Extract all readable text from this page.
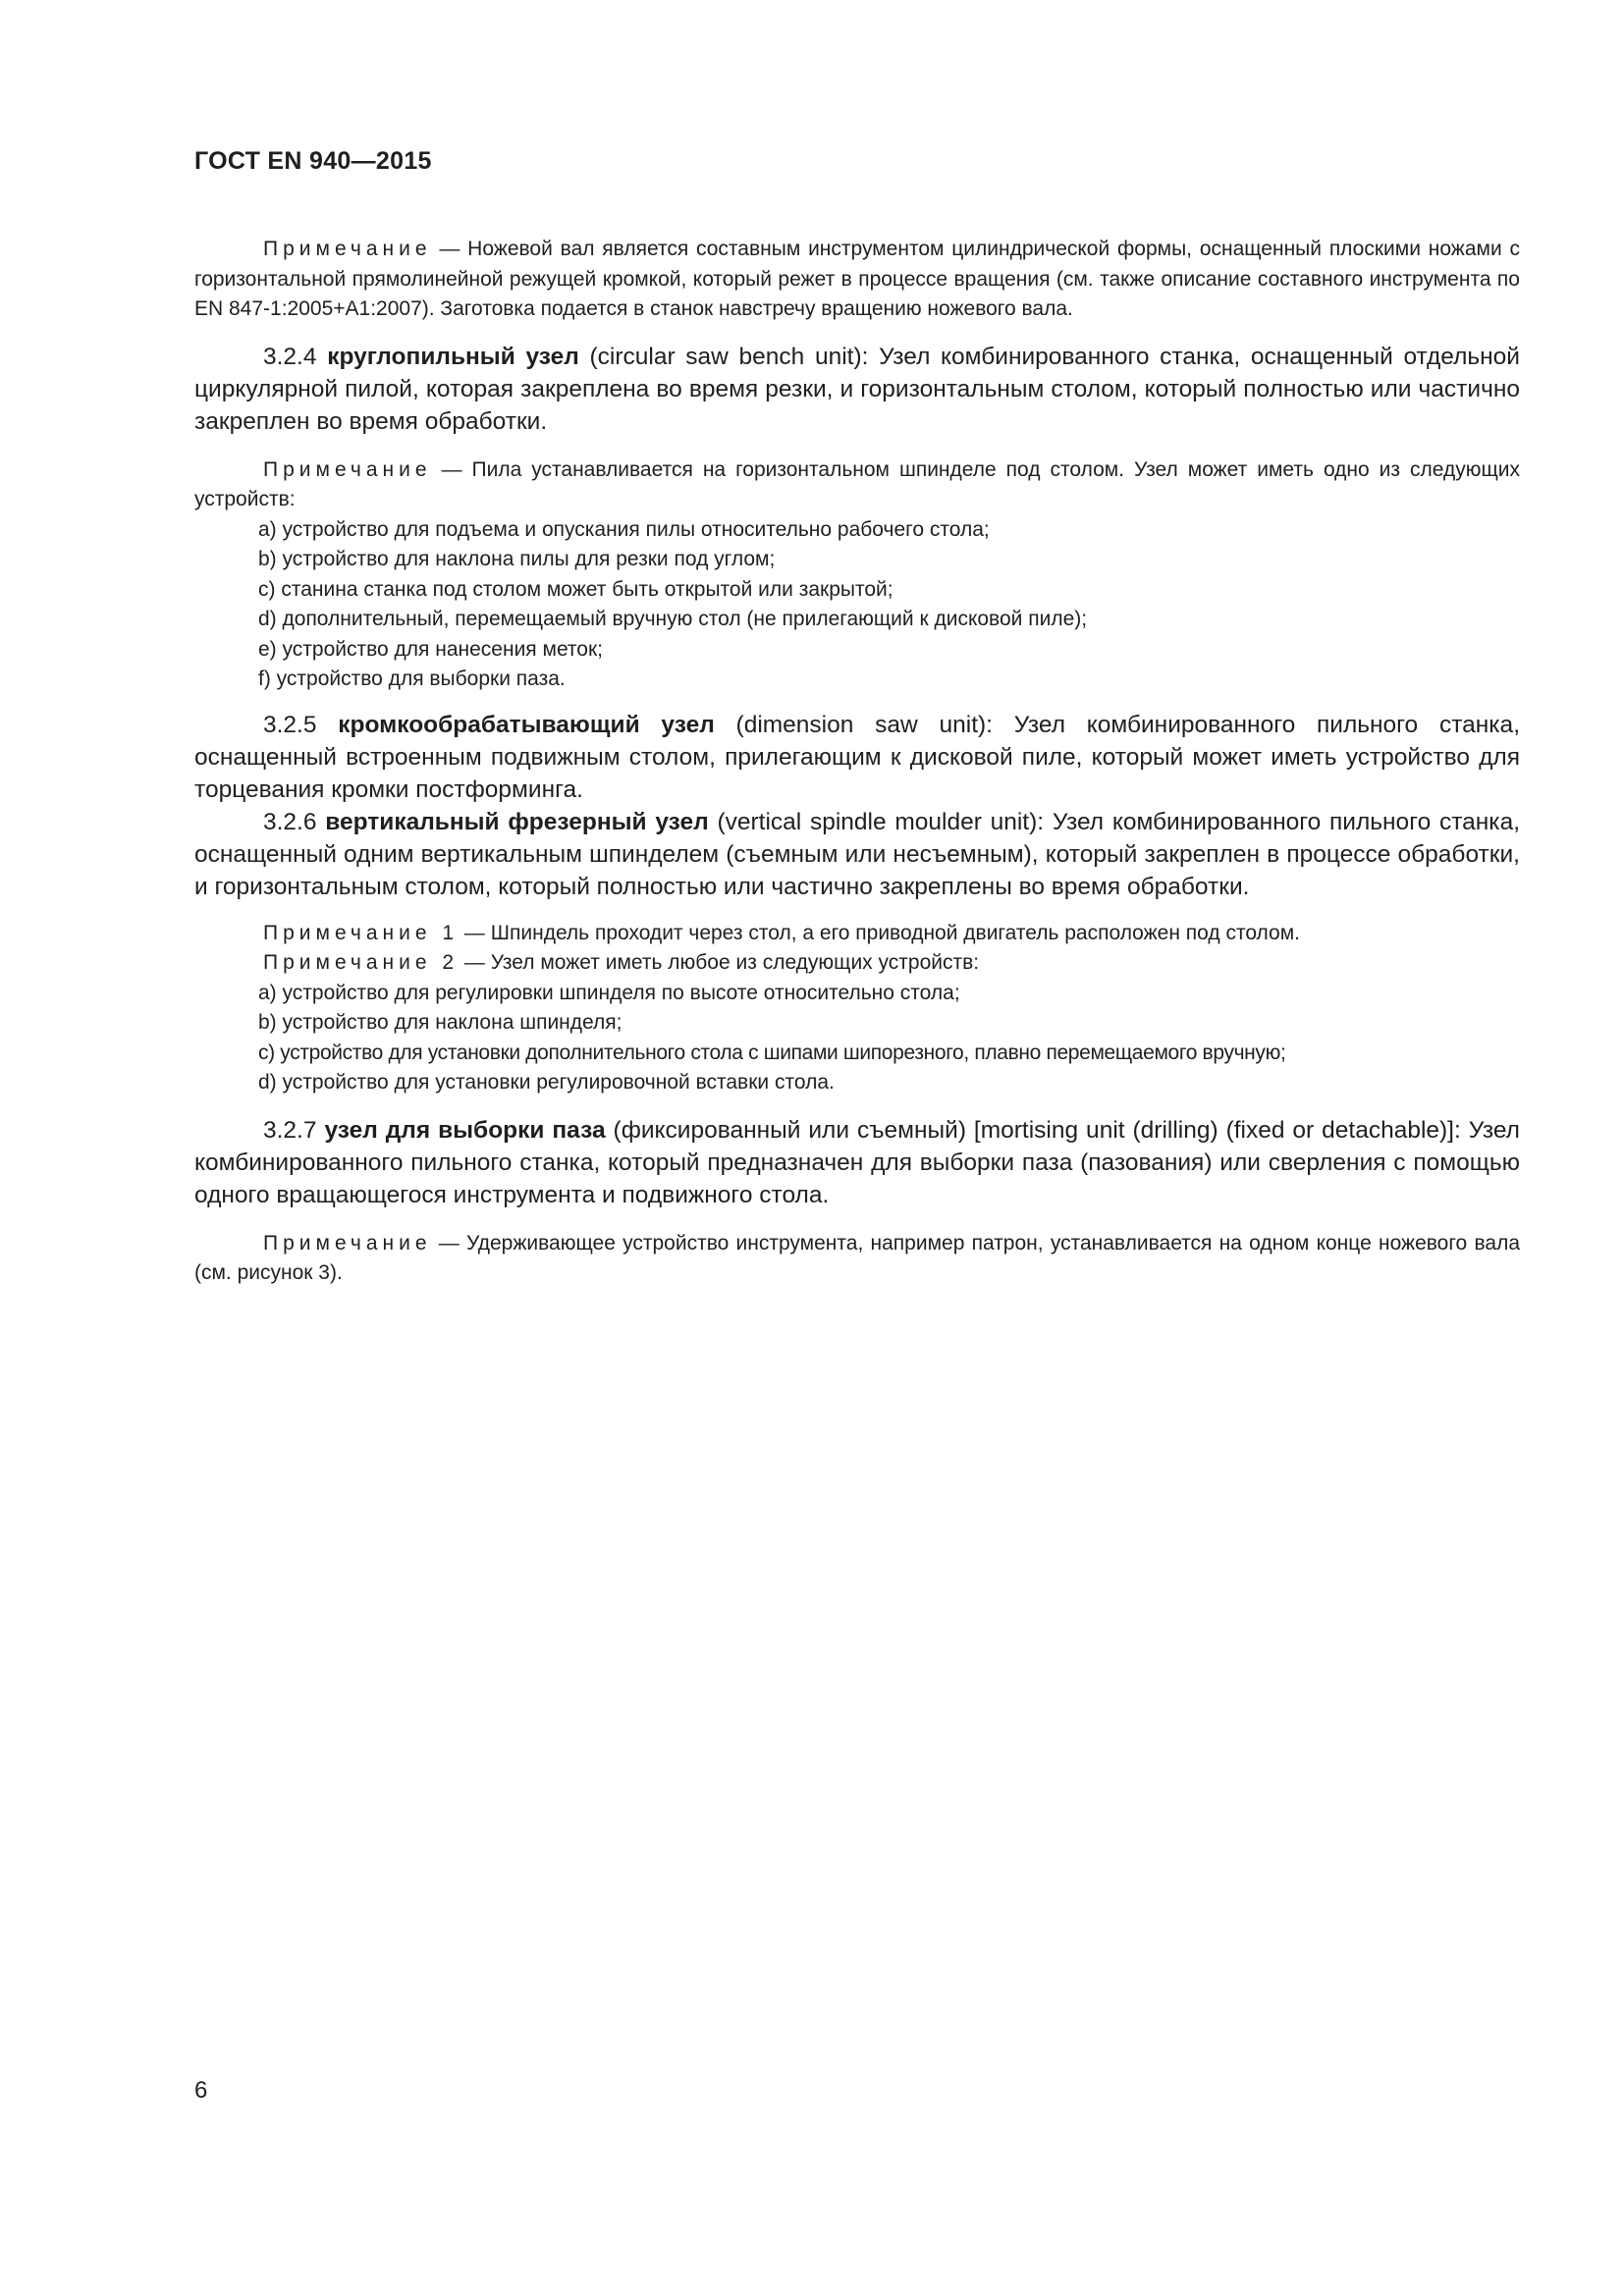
ГОСТ EN 940—2015

Примечание — Ножевой вал является составным инструментом цилиндрической формы, оснащенный плоскими ножами с горизонтальной прямолинейной режущей кромкой, который режет в процессе вращения (см. также описание составного инструмента по EN 847-1:2005+А1:2007). Заготовка подается в станок навстречу вращению ножевого вала.

3.2.4 круглопильный узел (circular saw bench unit): Узел комбинированного станка, оснащенный отдельной циркулярной пилой, которая закреплена во время резки, и горизонтальным столом, который полностью или частично закреплен во время обработки.

Примечание — Пила устанавливается на горизонтальном шпинделе под столом. Узел может иметь одно из следующих устройств:

a) устройство для подъема и опускания пилы относительно рабочего стола;

b) устройство для наклона пилы для резки под углом;

c) станина станка под столом может быть открытой или закрытой;

d) дополнительный, перемещаемый вручную стол (не прилегающий к дисковой пиле);

e) устройство для нанесения меток;

f) устройство для выборки паза.

3.2.5 кромкообрабатывающий узел (dimension saw unit): Узел комбинированного пильного станка, оснащенный встроенным подвижным столом, прилегающим к дисковой пиле, который может иметь устройство для торцевания кромки постформинга.

3.2.6 вертикальный фрезерный узел (vertical spindle moulder unit): Узел комбинированного пильного станка, оснащенный одним вертикальным шпинделем (съемным или несъемным), который закреплен в процессе обработки, и горизонтальным столом, который полностью или частично закреплены во время обработки.

Примечание 1 — Шпиндель проходит через стол, а его приводной двигатель расположен под столом.

Примечание 2 — Узел может иметь любое из следующих устройств:

a) устройство для регулировки шпинделя по высоте относительно стола;

b) устройство для наклона шпинделя;

c) устройство для установки дополнительного стола с шипами шипорезного, плавно перемещаемого вручную;

d) устройство для установки регулировочной вставки стола.

3.2.7 узел для выборки паза (фиксированный или съемный) [mortising unit (drilling) (fixed or detachable)]: Узел комбинированного пильного станка, который предназначен для выборки паза (пазования) или сверления с помощью одного вращающегося инструмента и подвижного стола.

Примечание — Удерживающее устройство инструмента, например патрон, устанавливается на одном конце ножевого вала (см. рисунок 3).

6
